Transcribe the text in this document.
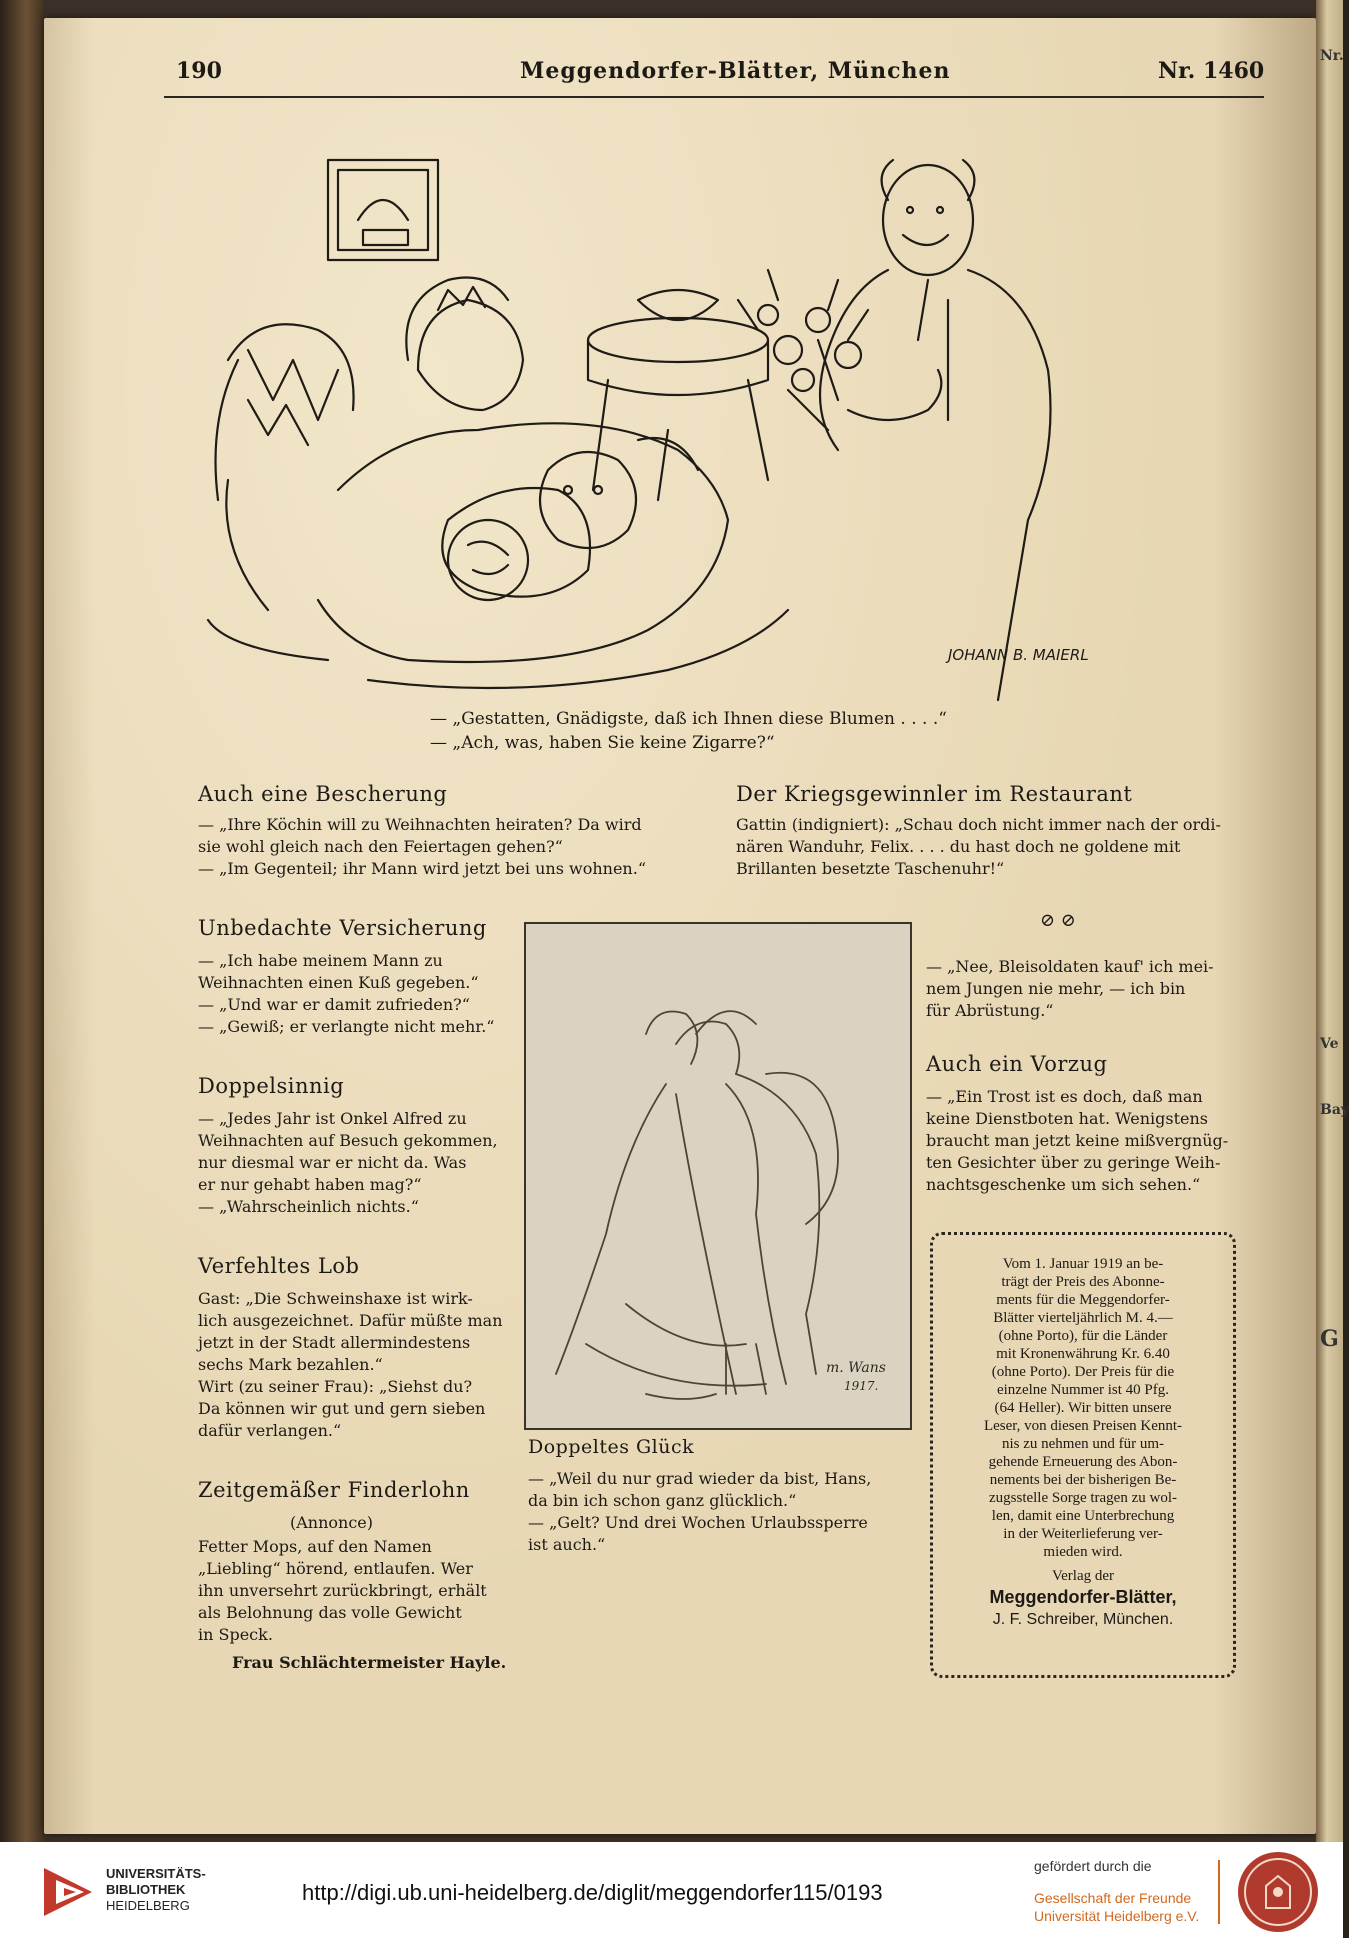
Nr.
Ve
Bay
G

190	Meggendorfer-Blätter, München	Nr. 1460

JOHANN B. MAIERL

— „Gestatten, Gnädigste, daß ich Ihnen diese Blumen . . . .“

— „Ach, was, haben Sie keine Zigarre?“

Auch eine Bescherung

— „Ihre Köchin will zu Weihnachten heiraten? Da wird

sie wohl gleich nach den Feiertagen gehen?“

— „Im Gegenteil; ihr Mann wird jetzt bei uns wohnen.“

Der Kriegsgewinnler im Restaurant

Gattin (indigniert): „Schau doch nicht immer nach der ordi-

nären Wanduhr, Felix. . . . du hast doch ne goldene mit

Brillanten besetzte Taschenuhr!“

Unbedachte Versicherung

— „Ich habe meinem Mann zu

Weihnachten einen Kuß gegeben.“

— „Und war er damit zufrieden?“

— „Gewiß; er verlangte nicht mehr.“

Doppelsinnig

— „Jedes Jahr ist Onkel Alfred zu

Weihnachten auf Besuch gekommen,

nur diesmal war er nicht da. Was

er nur gehabt haben mag?“

— „Wahrscheinlich nichts.“

Verfehltes Lob

Gast: „Die Schweinshaxe ist wirk-

lich ausgezeichnet. Dafür müßte man

jetzt in der Stadt allermindestens

sechs Mark bezahlen.“

Wirt (zu seiner Frau): „Siehst du?

Da können wir gut und gern sieben

dafür verlangen.“

Zeitgemäßer Finderlohn

(Annonce)

Fetter Mops, auf den Namen

„Liebling“ hörend, entlaufen. Wer

ihn unversehrt zurückbringt, erhält

als Belohnung das volle Gewicht

in Speck.

Frau Schlächtermeister Hayle.

m. Wans
1917.

Doppeltes Glück

— „Weil du nur grad wieder da bist, Hans,

da bin ich schon ganz glücklich.“

— „Gelt? Und drei Wochen Urlaubssperre

ist auch.“

⊘ ⊘

— „Nee, Bleisoldaten kauf' ich mei-

nem Jungen nie mehr, — ich bin

für Abrüstung.“

Auch ein Vorzug

— „Ein Trost ist es doch, daß man

keine Dienstboten hat. Wenigstens

braucht man jetzt keine mißvergnüg-

ten Gesichter über zu geringe Weih-

nachtsgeschenke um sich sehen.“

Vom 1. Januar 1919 an be-

trägt der Preis des Abonne-

ments für die Meggendorfer-

Blätter vierteljährlich M. 4.—

(ohne Porto), für die Länder

mit Kronenwährung Kr. 6.40

(ohne Porto). Der Preis für die

einzelne Nummer ist 40 Pfg.

(64 Heller). Wir bitten unsere

Leser, von diesen Preisen Kennt-

nis zu nehmen und für um-

gehende Erneuerung des Abon-

nements bei der bisherigen Be-

zugsstelle Sorge tragen zu wol-

len, damit eine Unterbrechung

in der Weiterlieferung ver-

mieden wird.

Verlag der

Meggendorfer-Blätter,

J. F. Schreiber, München.

UNIVERSITÄTS-

BIBLIOTHEK

HEIDELBERG

http://digi.ub.uni-heidelberg.de/diglit/meggendorfer115/0193

gefördert durch die

Gesellschaft der Freunde

Universität Heidelberg e.V.
